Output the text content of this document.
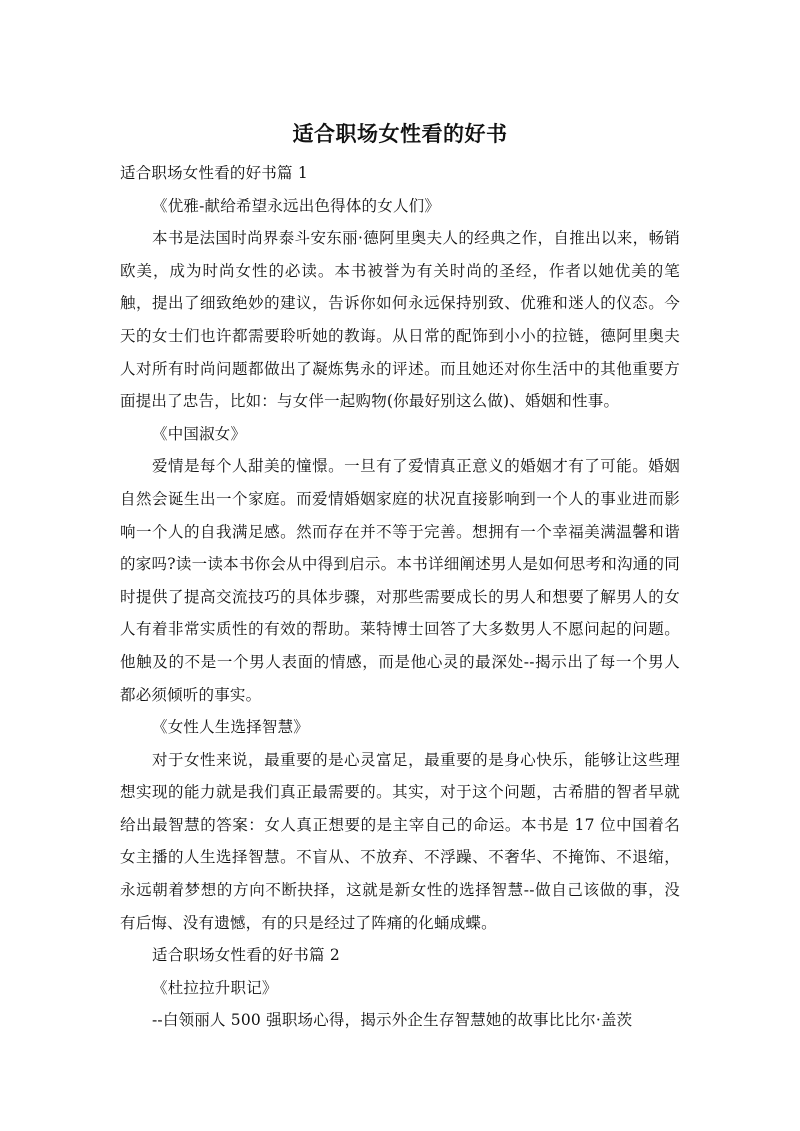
适合职场女性看的好书

适合职场女性看的好书篇 1

《优雅-献给希望永远出色得体的女人们》

本书是法国时尚界泰斗安东丽·德阿里奥夫人的经典之作，自推出以来，畅销欧美，成为时尚女性的必读。本书被誉为有关时尚的圣经，作者以她优美的笔触，提出了细致绝妙的建议，告诉你如何永远保持别致、优雅和迷人的仪态。今天的女士们也许都需要聆听她的教诲。从日常的配饰到小小的拉链，德阿里奥夫人对所有时尚问题都做出了凝炼隽永的评述。而且她还对你生活中的其他重要方面提出了忠告，比如：与女伴一起购物(你最好别这么做)、婚姻和性事。

《中国淑女》

爱情是每个人甜美的憧憬。一旦有了爱情真正意义的婚姻才有了可能。婚姻自然会诞生出一个家庭。而爱情婚姻家庭的状况直接影响到一个人的事业进而影响一个人的自我满足感。然而存在并不等于完善。想拥有一个幸福美满温馨和谐的家吗?读一读本书你会从中得到启示。本书详细阐述男人是如何思考和沟通的同时提供了提高交流技巧的具体步骤，对那些需要成长的男人和想要了解男人的女人有着非常实质性的有效的帮助。莱特博士回答了大多数男人不愿问起的问题。他触及的不是一个男人表面的情感，而是他心灵的最深处--揭示出了每一个男人都必须倾听的事实。

《女性人生选择智慧》

对于女性来说，最重要的是心灵富足，最重要的是身心快乐，能够让这些理想实现的能力就是我们真正最需要的。其实，对于这个问题，古希腊的智者早就给出最智慧的答案：女人真正想要的是主宰自己的命运。本书是 17 位中国着名女主播的人生选择智慧。不盲从、不放弃、不浮躁、不奢华、不掩饰、不退缩，永远朝着梦想的方向不断抉择，这就是新女性的选择智慧--做自己该做的事，没有后悔、没有遗憾，有的只是经过了阵痛的化蛹成蝶。

适合职场女性看的好书篇 2

《杜拉拉升职记》

--白领丽人 500 强职场心得，揭示外企生存智慧她的故事比比尔·盖茨
